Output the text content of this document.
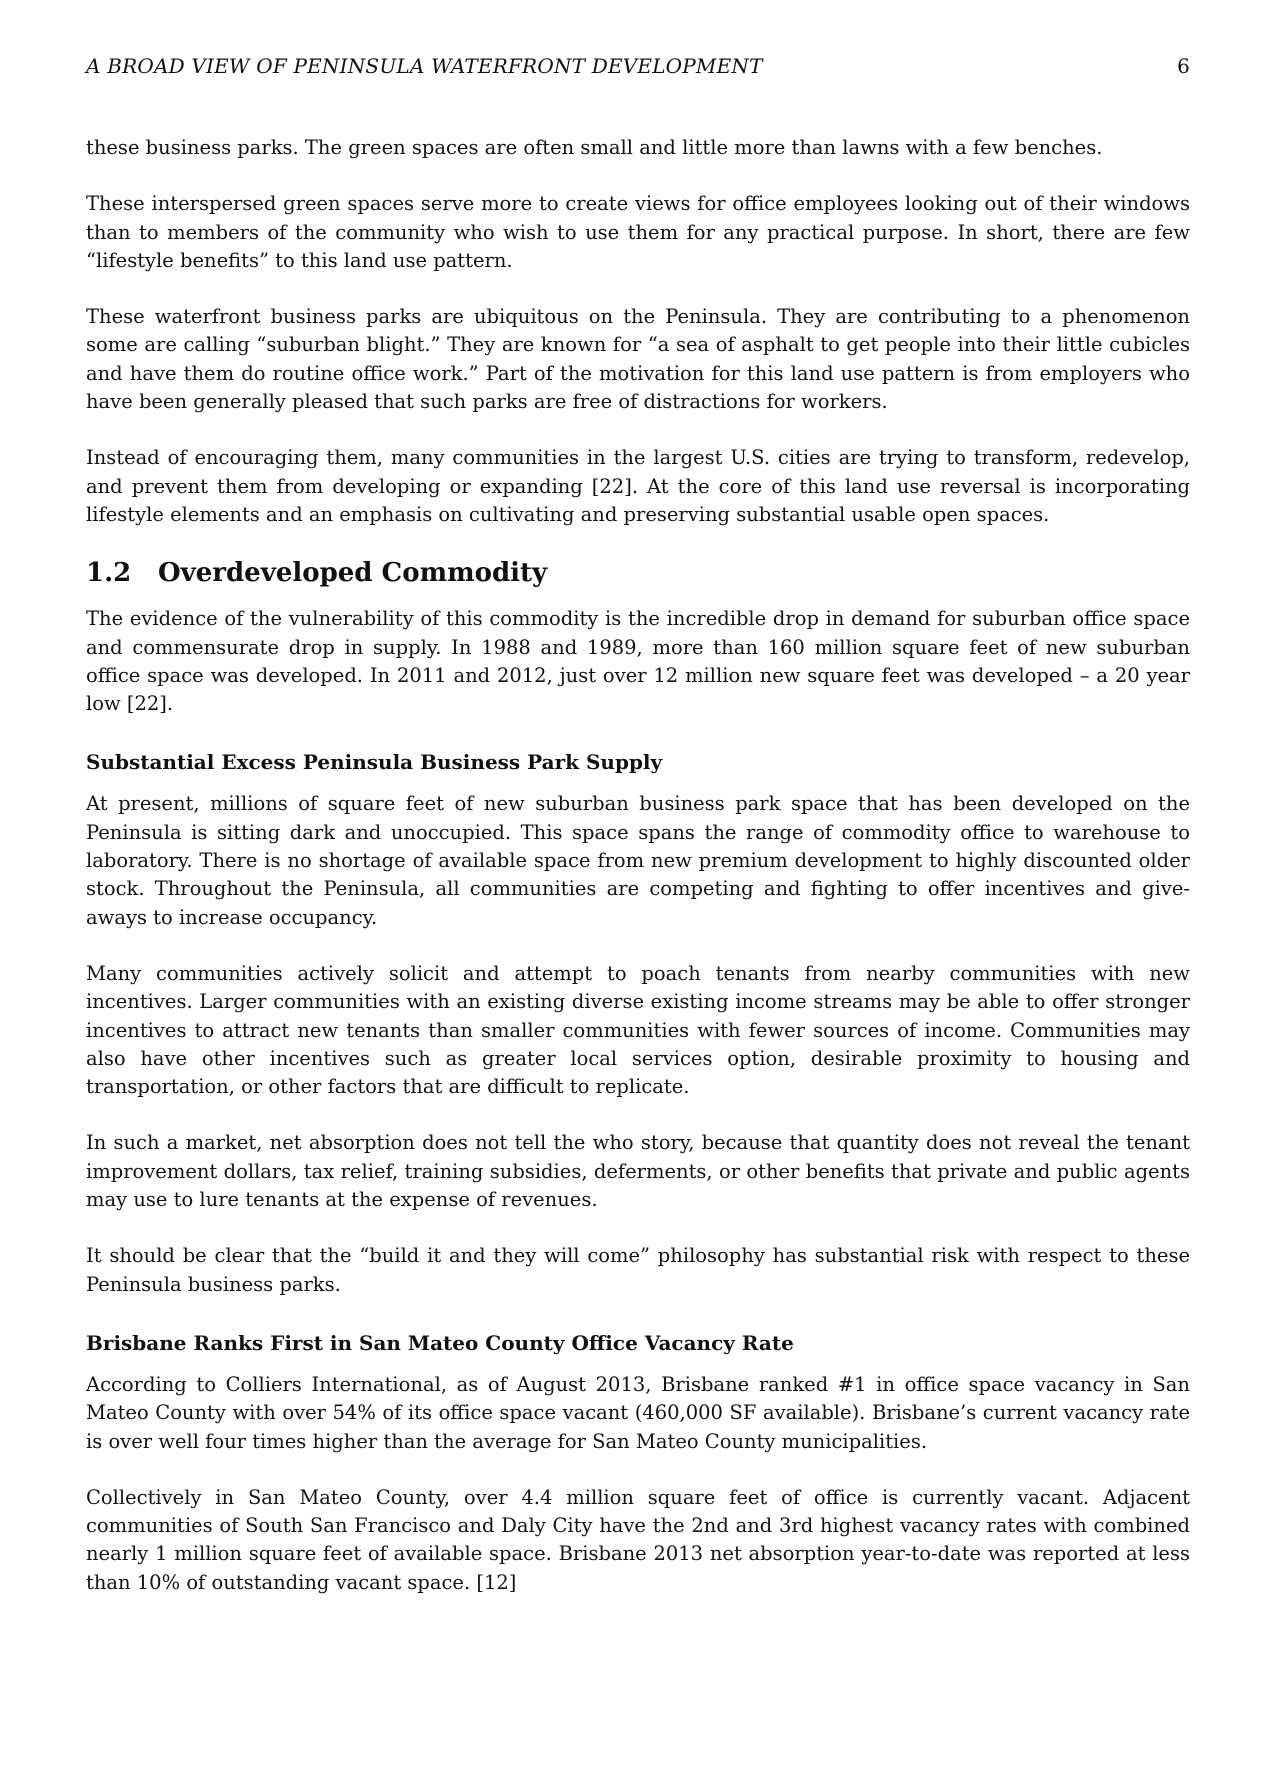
A BROAD VIEW OF PENINSULA WATERFRONT DEVELOPMENT	6

these business parks. The green spaces are often small and little more than lawns with a few benches.

These interspersed green spaces serve more to create views for office employees looking out of their windows than to members of the community who wish to use them for any practical purpose. In short, there are few “lifestyle benefits” to this land use pattern.

These waterfront business parks are ubiquitous on the Peninsula. They are contributing to a phenomenon some are calling “suburban blight.” They are known for “a sea of asphalt to get people into their little cubicles and have them do routine office work.” Part of the motivation for this land use pattern is from employers who have been generally pleased that such parks are free of distractions for workers.

Instead of encouraging them, many communities in the largest U.S. cities are trying to transform, redevelop, and prevent them from developing or expanding [22]. At the core of this land use reversal is incorporating lifestyle elements and an emphasis on cultivating and preserving substantial usable open spaces.

1.2 Overdeveloped Commodity

The evidence of the vulnerability of this commodity is the incredible drop in demand for suburban office space and commensurate drop in supply. In 1988 and 1989, more than 160 million square feet of new suburban office space was developed. In 2011 and 2012, just over 12 million new square feet was developed – a 20 year low [22].

Substantial Excess Peninsula Business Park Supply

At present, millions of square feet of new suburban business park space that has been developed on the Peninsula is sitting dark and unoccupied. This space spans the range of commodity office to warehouse to laboratory. There is no shortage of available space from new premium development to highly discounted older stock. Throughout the Peninsula, all communities are competing and fighting to offer incentives and give-aways to increase occupancy.

Many communities actively solicit and attempt to poach tenants from nearby communities with new incentives. Larger communities with an existing diverse existing income streams may be able to offer stronger incentives to attract new tenants than smaller communities with fewer sources of income. Communities may also have other incentives such as greater local services option, desirable proximity to housing and transportation, or other factors that are difficult to replicate.

In such a market, net absorption does not tell the who story, because that quantity does not reveal the tenant improvement dollars, tax relief, training subsidies, deferments, or other benefits that private and public agents may use to lure tenants at the expense of revenues.

It should be clear that the “build it and they will come” philosophy has substantial risk with respect to these Peninsula business parks.

Brisbane Ranks First in San Mateo County Office Vacancy Rate

According to Colliers International, as of August 2013, Brisbane ranked #1 in office space vacancy in San Mateo County with over 54% of its office space vacant (460,000 SF available). Brisbane’s current vacancy rate is over well four times higher than the average for San Mateo County municipalities.

Collectively in San Mateo County, over 4.4 million square feet of office is currently vacant. Adjacent communities of South San Francisco and Daly City have the 2nd and 3rd highest vacancy rates with combined nearly 1 million square feet of available space. Brisbane 2013 net absorption year-to-date was reported at less than 10% of outstanding vacant space. [12]
